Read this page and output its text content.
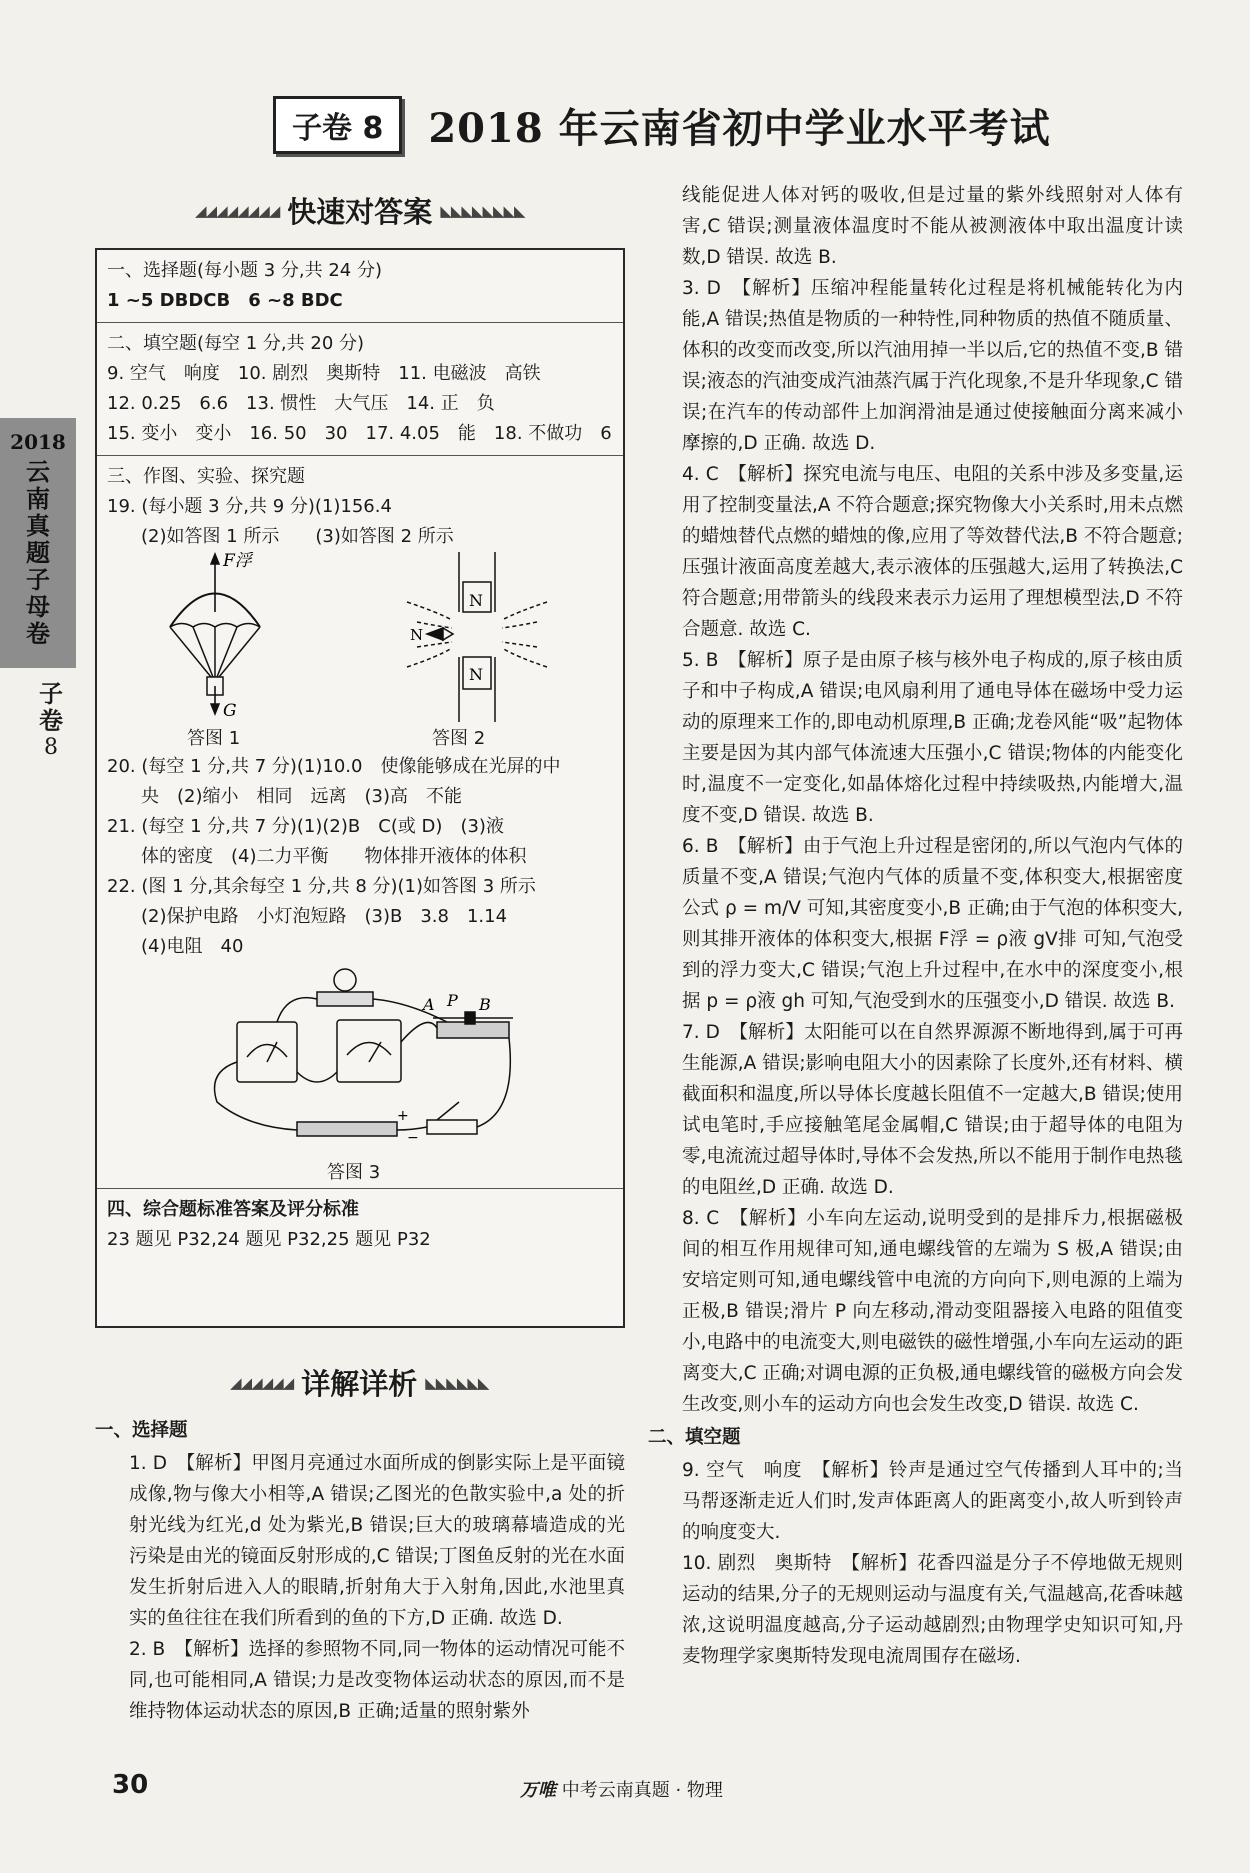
2018
云南真题子母卷
子卷
8
子卷 8	2018 年云南省初中学业水平考试
◢◢◢◢◢◢◢◢ 快速对答案 ◣◣◣◣◣◣◣◣
一、选择题(每小题 3 分,共 24 分)
1 ~5 DBDCB　6 ~8 BDC
二、填空题(每空 1 分,共 20 分)
9. 空气　响度　10. 剧烈　奥斯特　11. 电磁波　高铁
12. 0.25　6.6　13. 惯性　大气压　14. 正　负
15. 变小　变小　16. 50　30　17. 4.05　能　18. 不做功　6
三、作图、实验、探究题
19. (每小题 3 分,共 9 分)(1)156.4
(2)如答图 1 所示　　(3)如答图 2 所示
F浮
G
N
N
N
答图 1	答图 2
20. (每空 1 分,共 7 分)(1)10.0　使像能够成在光屏的中
央　(2)缩小　相同　远离　(3)高　不能
21. (每空 1 分,共 7 分)(1)(2)B　C(或 D)　(3)液
体的密度　(4)二力平衡　　物体排开液体的体积
22. (图 1 分,其余每空 1 分,共 8 分)(1)如答图 3 所示
(2)保护电路　小灯泡短路　(3)B　3.8　1.14
(4)电阻　40
−
+
A P B
答图 3
四、综合题标准答案及评分标准
23 题见 P32,24 题见 P32,25 题见 P32
◢◢◢◢◢◢ 详解详析 ◣◣◣◣◣◣

一、选择题

1. D　【解析】甲图月亮通过水面所成的倒影实际上是平面镜成像,物与像大小相等,A 错误;乙图光的色散实验中,a 处的折射光线为红光,d 处为紫光,B 错误;巨大的玻璃幕墙造成的光污染是由光的镜面反射形成的,C 错误;丁图鱼反射的光在水面发生折射后进入人的眼睛,折射角大于入射角,因此,水池里真实的鱼往往在我们所看到的鱼的下方,D 正确. 故选 D.

2. B　【解析】选择的参照物不同,同一物体的运动情况可能不同,也可能相同,A 错误;力是改变物体运动状态的原因,而不是维持物体运动状态的原因,B 正确;适量的照射紫外

线能促进人体对钙的吸收,但是过量的紫外线照射对人体有害,C 错误;测量液体温度时不能从被测液体中取出温度计读数,D 错误. 故选 B.

3. D　【解析】压缩冲程能量转化过程是将机械能转化为内能,A 错误;热值是物质的一种特性,同种物质的热值不随质量、体积的改变而改变,所以汽油用掉一半以后,它的热值不变,B 错误;液态的汽油变成汽油蒸汽属于汽化现象,不是升华现象,C 错误;在汽车的传动部件上加润滑油是通过使接触面分离来减小摩擦的,D 正确. 故选 D.

4. C　【解析】探究电流与电压、电阻的关系中涉及多变量,运用了控制变量法,A 不符合题意;探究物像大小关系时,用未点燃的蜡烛替代点燃的蜡烛的像,应用了等效替代法,B 不符合题意;压强计液面高度差越大,表示液体的压强越大,运用了转换法,C 符合题意;用带箭头的线段来表示力运用了理想模型法,D 不符合题意. 故选 C.

5. B　【解析】原子是由原子核与核外电子构成的,原子核由质子和中子构成,A 错误;电风扇利用了通电导体在磁场中受力运动的原理来工作的,即电动机原理,B 正确;龙卷风能“吸”起物体主要是因为其内部气体流速大压强小,C 错误;物体的内能变化时,温度不一定变化,如晶体熔化过程中持续吸热,内能增大,温度不变,D 错误. 故选 B.

6. B　【解析】由于气泡上升过程是密闭的,所以气泡内气体的质量不变,A 错误;气泡内气体的质量不变,体积变大,根据密度公式 ρ = m/V 可知,其密度变小,B 正确;由于气泡的体积变大,则其排开液体的体积变大,根据 F浮 = ρ液 gV排 可知,气泡受到的浮力变大,C 错误;气泡上升过程中,在水中的深度变小,根据 p = ρ液 gh 可知,气泡受到水的压强变小,D 错误. 故选 B.

7. D　【解析】太阳能可以在自然界源源不断地得到,属于可再生能源,A 错误;影响电阻大小的因素除了长度外,还有材料、横截面积和温度,所以导体长度越长阻值不一定越大,B 错误;使用试电笔时,手应接触笔尾金属帽,C 错误;由于超导体的电阻为零,电流流过超导体时,导体不会发热,所以不能用于制作电热毯的电阻丝,D 正确. 故选 D.

8. C　【解析】小车向左运动,说明受到的是排斥力,根据磁极间的相互作用规律可知,通电螺线管的左端为 S 极,A 错误;由安培定则可知,通电螺线管中电流的方向向下,则电源的上端为正极,B 错误;滑片 P 向左移动,滑动变阻器接入电路的阻值变小,电路中的电流变大,则电磁铁的磁性增强,小车向左运动的距离变大,C 正确;对调电源的正负极,通电螺线管的磁极方向会发生改变,则小车的运动方向也会发生改变,D 错误. 故选 C.

二、填空题

9. 空气　响度　【解析】铃声是通过空气传播到人耳中的;当马帮逐渐走近人们时,发声体距离人的距离变小,故人听到铃声的响度变大.

10. 剧烈　奥斯特　【解析】花香四溢是分子不停地做无规则运动的结果,分子的无规则运动与温度有关,气温越高,花香味越浓,这说明温度越高,分子运动越剧烈;由物理学史知识可知,丹麦物理学家奥斯特发现电流周围存在磁场.

30	万唯 中考云南真题 · 物理
